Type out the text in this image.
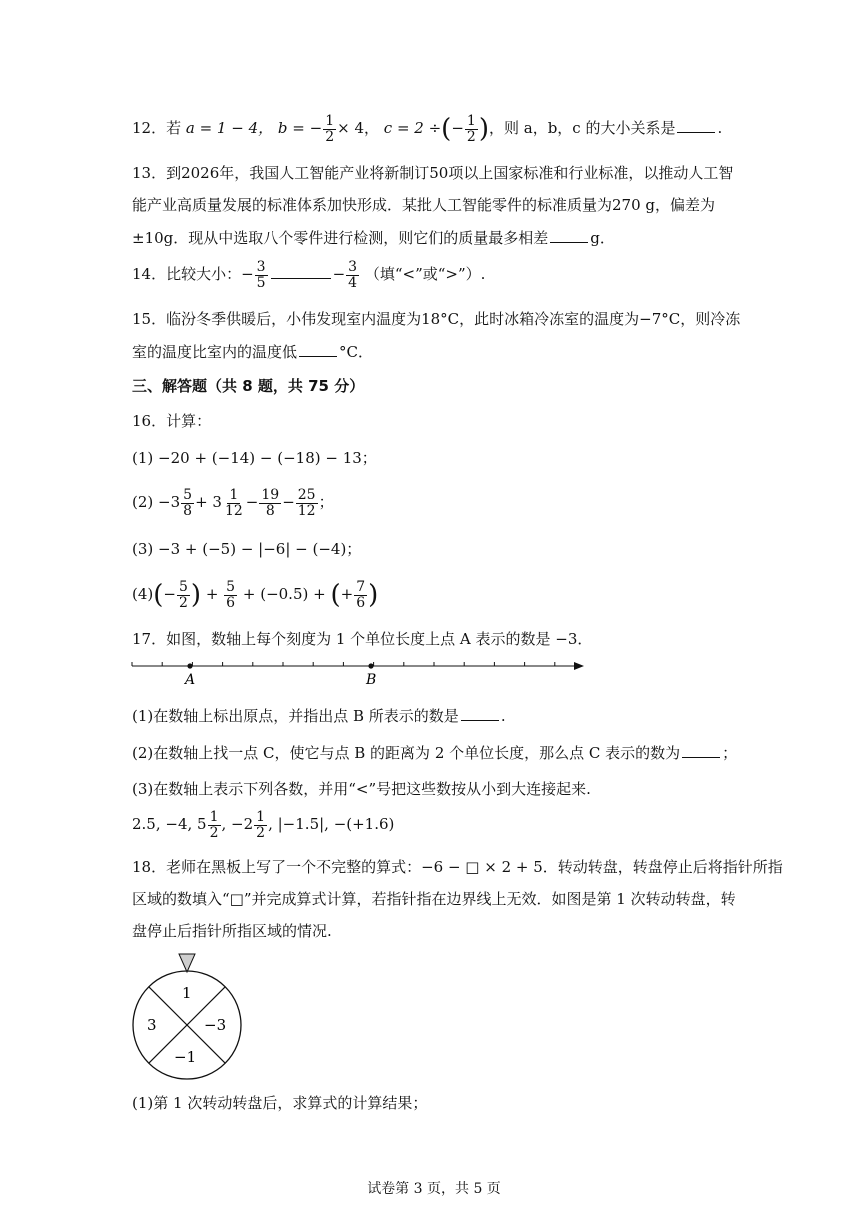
12．若 a = 1 − 4， b = − $\frac{1}{2} \times 4$， c = 2 ÷(− $\frac{1}{2}$ )，则 a，b，c 的大小关系是	.
13．到2026年，我国人工智能产业将新制订50项以上国家标准和行业标准，以推动人工智
能产业高质量发展的标准体系加快形成．某批人工智能零件的标准质量为270 g，偏差为
±10g．现从中选取八个零件进行检测，则它们的质量最多相差	g．
14．比较大小：− $\frac{3}{5}$	− $\frac{3}{4}$ （填“<”或“>”）.
15．临汾冬季供暖后，小伟发现室内温度为18°C，此时冰箱冷冻室的温度为−7°C，则冷冻
室的温度比室内的温度低	°C．
三、解答题（共 8 题，共 75 分）
16．计算：
(1) −20 + (−14) − (−18) − 13；
$(2) -3 \frac{5}{8} + 3 \frac{1}{12} - \frac{19}{8} - \frac{25}{12}$ ；
(3) −3 + (−5) − |−6| − (−4)；
$(4)(- \frac{5}{2}$ ) + $\frac{5}{6} + (-0.5)$ + (+ $\frac{7}{6}$ )
17．如图，数轴上每个刻度为 1 个单位长度上点 A 表示的数是 −3．
A	B
(1)在数轴上标出原点，并指出点 B 所表示的数是	.
(2)在数轴上找一点 C，使它与点 B 的距离为 2 个单位长度，那么点 C 表示的数为	；
(3)在数轴上表示下列各数，并用“<”号把这些数按从小到大连接起来.
2.5, −4, $5 \frac{1}{2}$ , $-2 \frac{1}{2}$ , |−1.5|, −(+1.6)
18．老师在黑板上写了一个不完整的算式：−6 − □ × 2 + 5．转动转盘，转盘停止后将指针所指
区域的数填入“□”并完成算式计算，若指针指在边界线上无效．如图是第 1 次转动转盘，转
盘停止后指针所指区域的情况.
1
3	−3
−1
(1)第 1 次转动转盘后，求算式的计算结果；
试卷第 3 页，共 5 页
